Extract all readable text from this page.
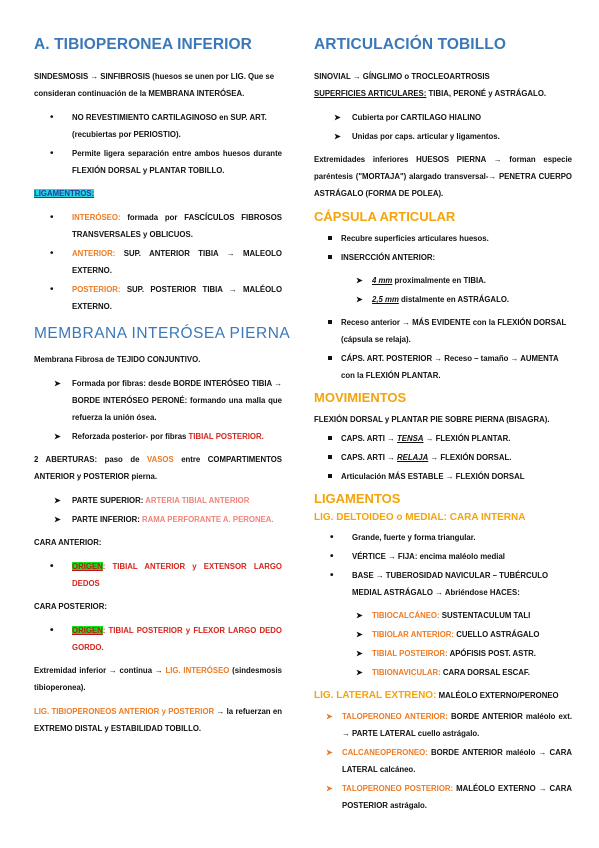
A. TIBIOPERONEA INFERIOR
SINDESMOSIS → SINFIBROSIS (huesos se unen por LIG. Que se consideran continuación de la MEMBRANA INTERÓSEA.
• NO REVESTIMIENTO CARTILAGINOSO en SUP. ART. (recubiertas por PERIOSTIO).
• Permite ligera separación entre ambos huesos durante FLEXIÓN DORSAL y PLANTAR TOBILLO.
LIGAMENTROS:
• INTERÓSEO: formada por FASCÍCULOS FIBROSOS TRANSVERSALES y OBLICUOS.
• ANTERIOR: SUP. ANTERIOR TIBIA → MALEOLO EXTERNO.
• POSTERIOR: SUP. POSTERIOR TIBIA → MALÉOLO EXTERNO.
MEMBRANA INTERÓSEA PIERNA
Membrana Fibrosa de TEJIDO CONJUNTIVO.
➤ Formada por fibras: desde BORDE INTERÓSEO TIBIA → BORDE INTERÓSEO PERONÉ: formando una malla que refuerza la unión ósea.
➤ Reforzada posterior- por fibras TIBIAL POSTERIOR.
2 ABERTURAS: paso de VASOS entre COMPARTIMENTOS ANTERIOR y POSTERIOR pierna.
➤ PARTE SUPERIOR: ARTERIA TIBIAL ANTERIOR
➤ PARTE INFERIOR: RAMA PERFORANTE A. PERONEA.
CARA ANTERIOR:
• ORIGEN: TIBIAL ANTERIOR y EXTENSOR LARGO DEDOS
CARA POSTERIOR:
• ORIGEN: TIBIAL POSTERIOR y FLEXOR LARGO DEDO GORDO.
Extremidad inferior → continua → LIG. INTERÓSEO (sindesmosis tibioperonea).
LIG. TIBIOPERONEOS ANTERIOR y POSTERIOR → la refuerzan en EXTREMO DISTAL y ESTABILIDAD TOBILLO.
ARTICULACIÓN TOBILLO
SINOVIAL → GÍNGLIMO o TROCLEOARTROSIS
SUPERFICIES ARTICULARES: TIBIA, PERONÉ y ASTRÁGALO.
➤ Cubierta por CARTILAGO HIALINO
➤ Unidas por caps. articular y ligamentos.
Extremidades inferiores HUESOS PIERNA → forman especie paréntesis ("MORTAJA") alargado transversal-→ PENETRA CUERPO ASTRÁGALO (FORMA DE POLEA).
CÁPSULA ARTICULAR
Recubre superficies articulares huesos.
INSERCCIÓN ANTERIOR:
➤ 4 mm proximalmente en TIBIA.
➤ 2,5 mm distalmente en ASTRÁGALO.
Receso anterior → MÁS EVIDENTE con la FLEXIÓN DORSAL (cápsula se relaja).
CÁPS. ART. POSTERIOR → Receso – tamaño → AUMENTA con la FLEXIÓN PLANTAR.
MOVIMIENTOS
FLEXIÓN DORSAL y PLANTAR PIE SOBRE PIERNA (BISAGRA).
CAPS. ARTI → TENSA → FLEXIÓN PLANTAR.
CAPS. ARTI → RELAJA → FLEXIÓN DORSAL.
Articulación MÁS ESTABLE → FLEXIÓN DORSAL
LIGAMENTOS
LIG. DELTOIDEO o MEDIAL: CARA INTERNA
• Grande, fuerte y forma triangular.
• VÉRTICE → FIJA: encima maléolo medial
• BASE → TUBEROSIDAD NAVICULAR – TUBÉRCULO MEDIAL ASTRÁGALO → Abriéndose HACES:
➤ TIBIOCALCÁNEO: SUSTENTACULUM TALI
➤ TIBIOLAR ANTERIOR: CUELLO ASTRÁGALO
➤ TIBIAL POSTEIROR: APÓFISIS POST. ASTR.
➤ TIBIONAVICULAR: CARA DORSAL ESCAF.
LIG. LATERAL EXTRENO: MALÉOLO EXTERNO/PERONEO
➤ TALOPERONEO ANTERIOR: BORDE ANTERIOR maléolo ext. → PARTE LATERAL cuello astrágalo.
➤ CALCANEOPERONEO: BORDE ANTERIOR maléolo → CARA LATERAL calcáneo.
➤ TALOPERONEO POSTERIOR: MALÉOLO EXTERNO → CARA POSTERIOR astrágalo.
